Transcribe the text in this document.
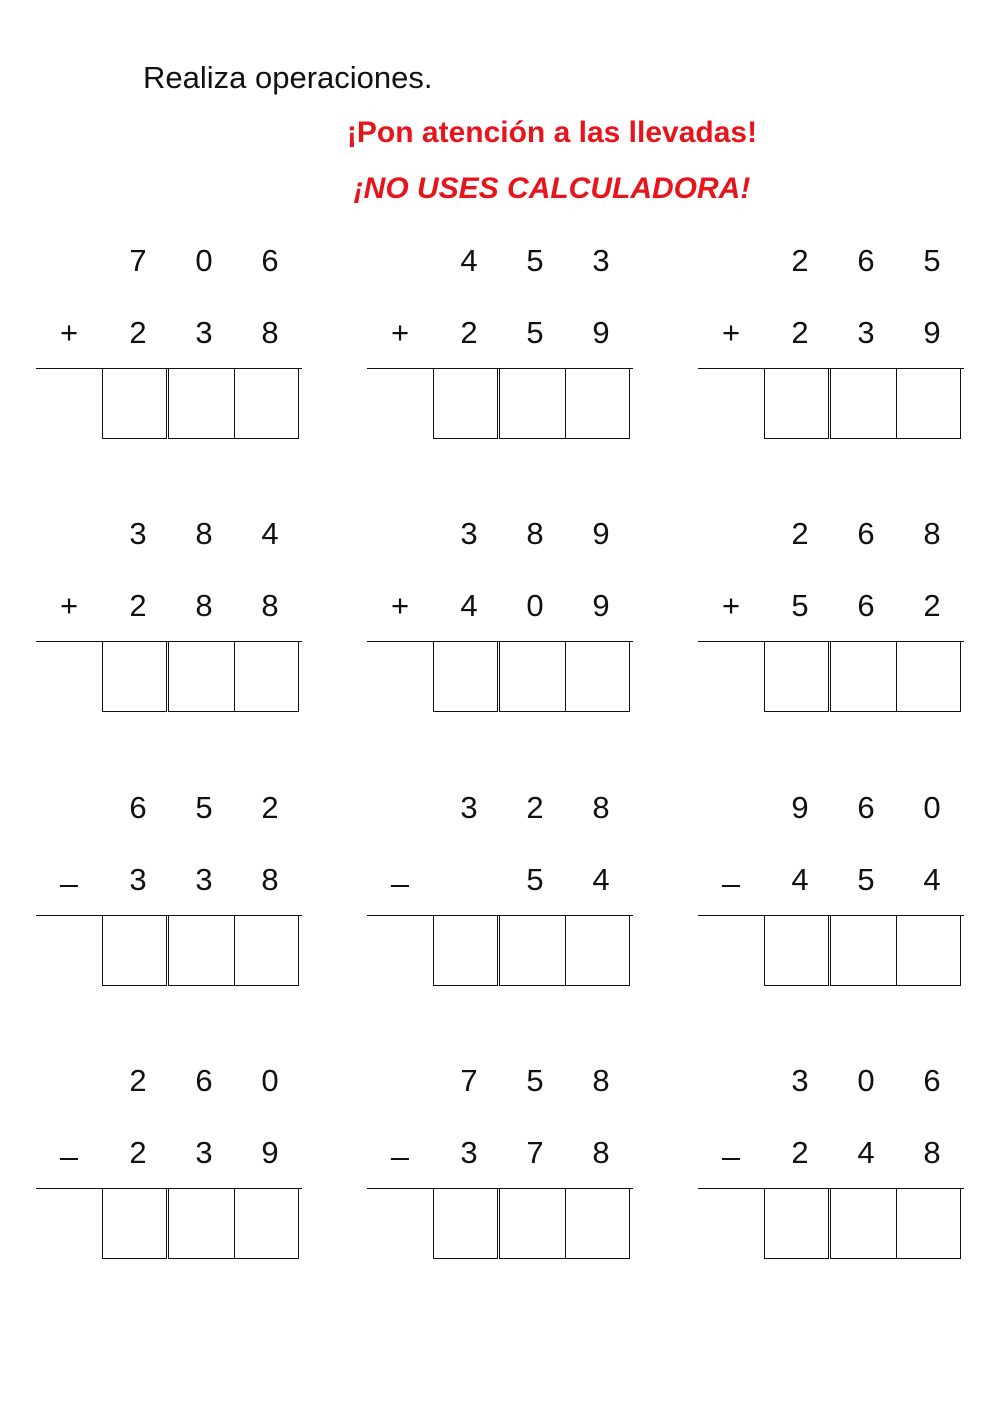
Realiza operaciones.
¡Pon atención a las llevadas!
¡NO USES CALCULADORA!
7
2
0
3
6
8
+
4
2
5
5
3
9
+
2
2
6
3
5
9
+
3
2
8
8
4
8
+
3
4
8
0
9
9
+
2
5
6
6
8
2
+
6
3
5
3
2
8
_
3	2
5
8
4
_
9
4
6
5
0
4
_
2
2
6
3
0
9
_
7
3
5
7
8
8
_
3
2
0
4
6
8
_
